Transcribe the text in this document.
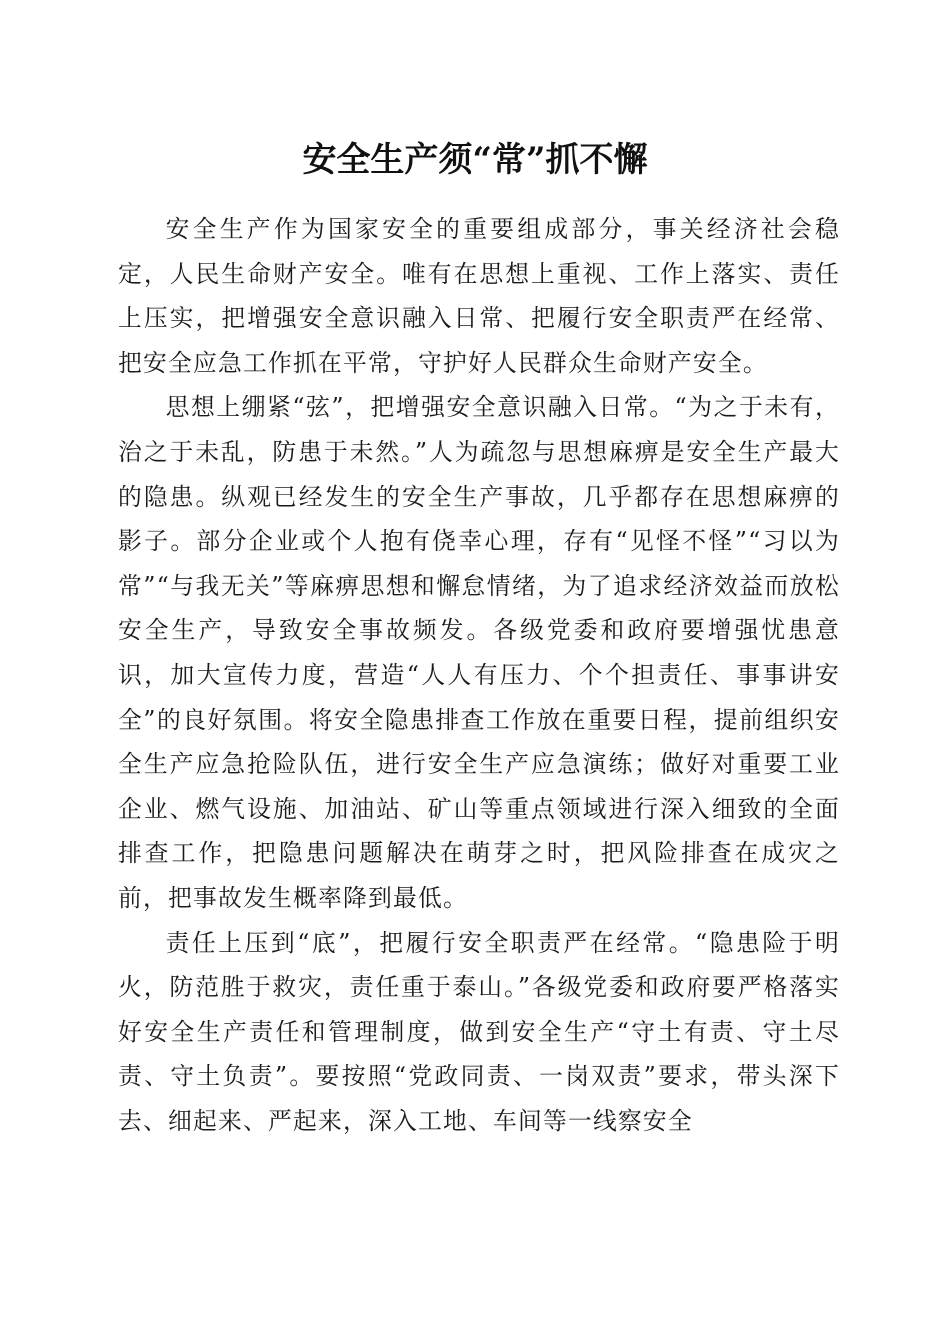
安全生产须“常”抓不懈

安全生产作为国家安全的重要组成部分，事关经济社会稳定，人民生命财产安全。唯有在思想上重视、工作上落实、责任上压实，把增强安全意识融入日常、把履行安全职责严在经常、把安全应急工作抓在平常，守护好人民群众生命财产安全。

思想上绷紧“弦”，把增强安全意识融入日常。“为之于未有，治之于未乱，防患于未然。”人为疏忽与思想麻痹是安全生产最大的隐患。纵观已经发生的安全生产事故，几乎都存在思想麻痹的影子。部分企业或个人抱有侥幸心理，存有“见怪不怪”“习以为常”“与我无关”等麻痹思想和懈怠情绪，为了追求经济效益而放松安全生产，导致安全事故频发。各级党委和政府要增强忧患意识，加大宣传力度，营造“人人有压力、个个担责任、事事讲安全”的良好氛围。将安全隐患排查工作放在重要日程，提前组织安全生产应急抢险队伍，进行安全生产应急演练；做好对重要工业企业、燃气设施、加油站、矿山等重点领域进行深入细致的全面排查工作，把隐患问题解决在萌芽之时，把风险排查在成灾之前，把事故发生概率降到最低。

责任上压到“底”，把履行安全职责严在经常。“隐患险于明火，防范胜于救灾，责任重于泰山。”各级党委和政府要严格落实好安全生产责任和管理制度，做到安全生产“守土有责、守土尽责、守土负责”。要按照“党政同责、一岗双责”要求，带头深下去、细起来、严起来，深入工地、车间等一线察安全
